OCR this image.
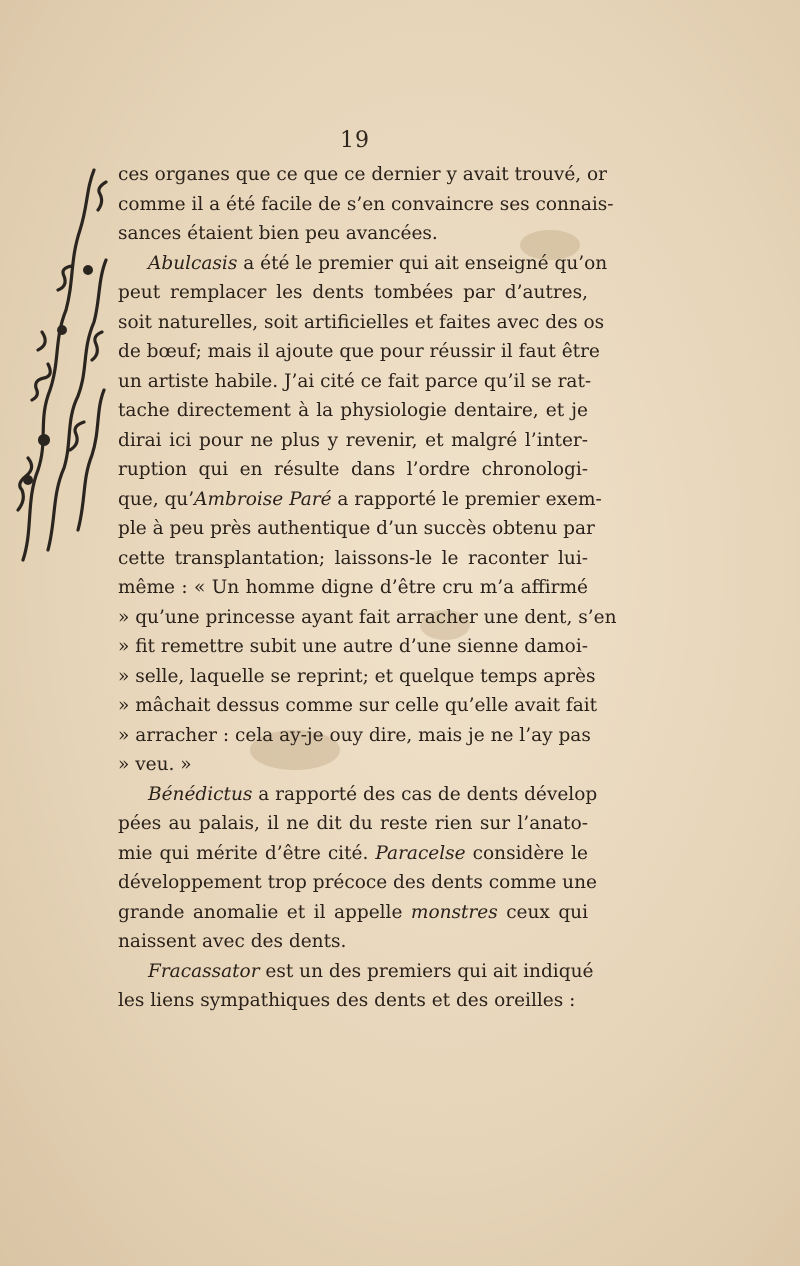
19
ces organes que ce que ce dernier y avait trouvé, or
comme il a été facile de s’en convaincre ses connais-
sances étaient bien peu avancées.
Abulcasis a été le premier qui ait enseigné qu’on
peut remplacer les dents tombées par d’autres,
soit naturelles, soit artificielles et faites avec des os
de bœuf; mais il ajoute que pour réussir il faut être
un artiste habile. J’ai cité ce fait parce qu’il se rat-
tache directement à la physiologie dentaire, et je
dirai ici pour ne plus y revenir, et malgré l’inter-
ruption qui en résulte dans l’ordre chronologi-
que, qu’Ambroise Paré a rapporté le premier exem-
ple à peu près authentique d’un succès obtenu par
cette transplantation; laissons-le le raconter lui-
même : « Un homme digne d’être cru m’a affirmé
» qu’une princesse ayant fait arracher une dent, s’en
» fit remettre subit une autre d’une sienne damoi-
» selle, laquelle se reprint; et quelque temps après
» mâchait dessus comme sur celle qu’elle avait fait
» arracher : cela ay-je ouy dire, mais je ne l’ay pas
» veu. »
Bénédictus a rapporté des cas de dents dévelop
pées au palais, il ne dit du reste rien sur l’anato-
mie qui mérite d’être cité. Paracelse considère le
développement trop précoce des dents comme une
grande anomalie et il appelle monstres ceux qui
naissent avec des dents.
Fracassator est un des premiers qui ait indiqué
les liens sympathiques des dents et des oreilles :
